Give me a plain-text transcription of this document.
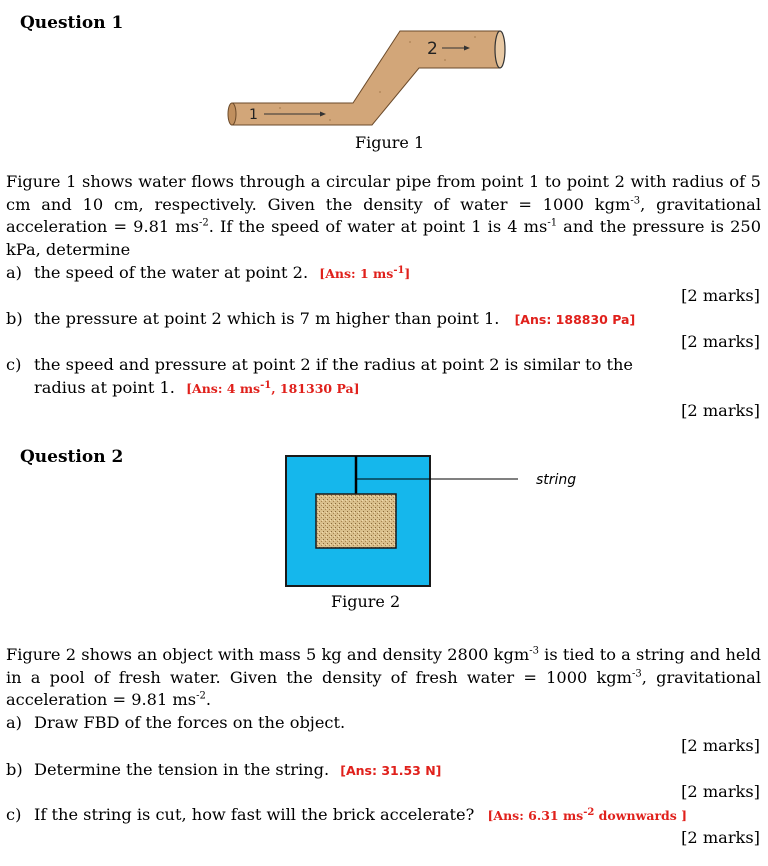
Question 1
1
2
Figure 1
Figure 1 shows water flows through a circular pipe from point 1 to point 2 with radius of 5
cm and 10 cm, respectively. Given the density of water = 1000 kgm$^{-3}$, gravitational
acceleration = 9.81 $ms^{-2}$. If the speed of water at point 1 is 4 $ms^{-1}$ and the pressure is 250
kPa, determine
a) the speed of the water at point 2. [Ans: 1 $ms^{-1}$]
[2 marks]
b) the pressure at point 2 which is 7 m higher than point 1. [Ans: 188830 Pa]
[2 marks]
c) the speed and pressure at point 2 if the radius at point 2 is similar to the
radius at point 1. [Ans: 4 $ms^{-1}$, 181330 Pa]
[2 marks]
Question 2
string
Figure 2
Figure 2 shows an object with mass 5 kg and density 2800 kgm$^{-3}$ is tied to a string and held
in a pool of fresh water. Given the density of fresh water = 1000 kgm$^{-3}$, gravitational
acceleration = 9.81 $ms^{-2}$.
a) Draw FBD of the forces on the object.
[2 marks]
b) Determine the tension in the string. [Ans: 31.53 N]
[2 marks]
c) If the string is cut, how fast will the brick accelerate? [Ans: 6.31 $ms^{-2}$ downwards ]
[2 marks]
